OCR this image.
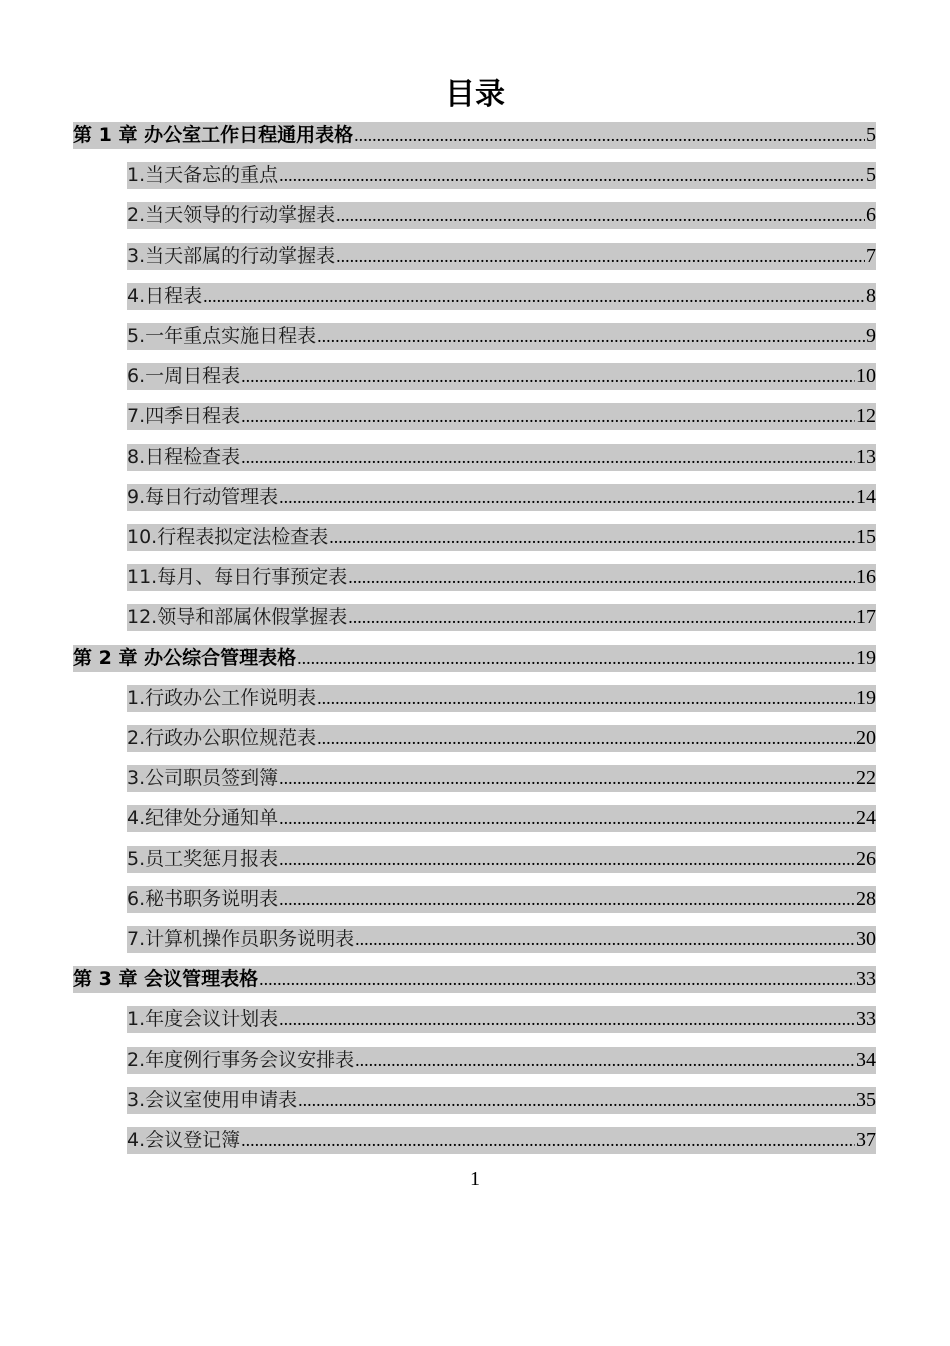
目录
第 1 章 办公室工作日程通用表格 .....	5
1.当天备忘的重点 .....	5
2.当天领导的行动掌握表 .....	6
3.当天部属的行动掌握表 .....	7
4.日程表 .....	8
5.一年重点实施日程表 .....	9
6.一周日程表 .....	10
7.四季日程表 .....	12
8.日程检查表 .....	13
9.每日行动管理表 .....	14
10.行程表拟定法检查表 .....	15
11.每月、每日行事预定表 .....	16
12.领导和部属休假掌握表 .....	17
第 2 章 办公综合管理表格 .....	19
1.行政办公工作说明表 .....	19
2.行政办公职位规范表 .....	20
3.公司职员签到簿 .....	22
4.纪律处分通知单 .....	24
5.员工奖惩月报表 .....	26
6.秘书职务说明表 .....	28
7.计算机操作员职务说明表 .....	30
第 3 章 会议管理表格 .....	33
1.年度会议计划表 .....	33
2.年度例行事务会议安排表 .....	34
3.会议室使用申请表 .....	35
4.会议登记簿 .....	37
1
